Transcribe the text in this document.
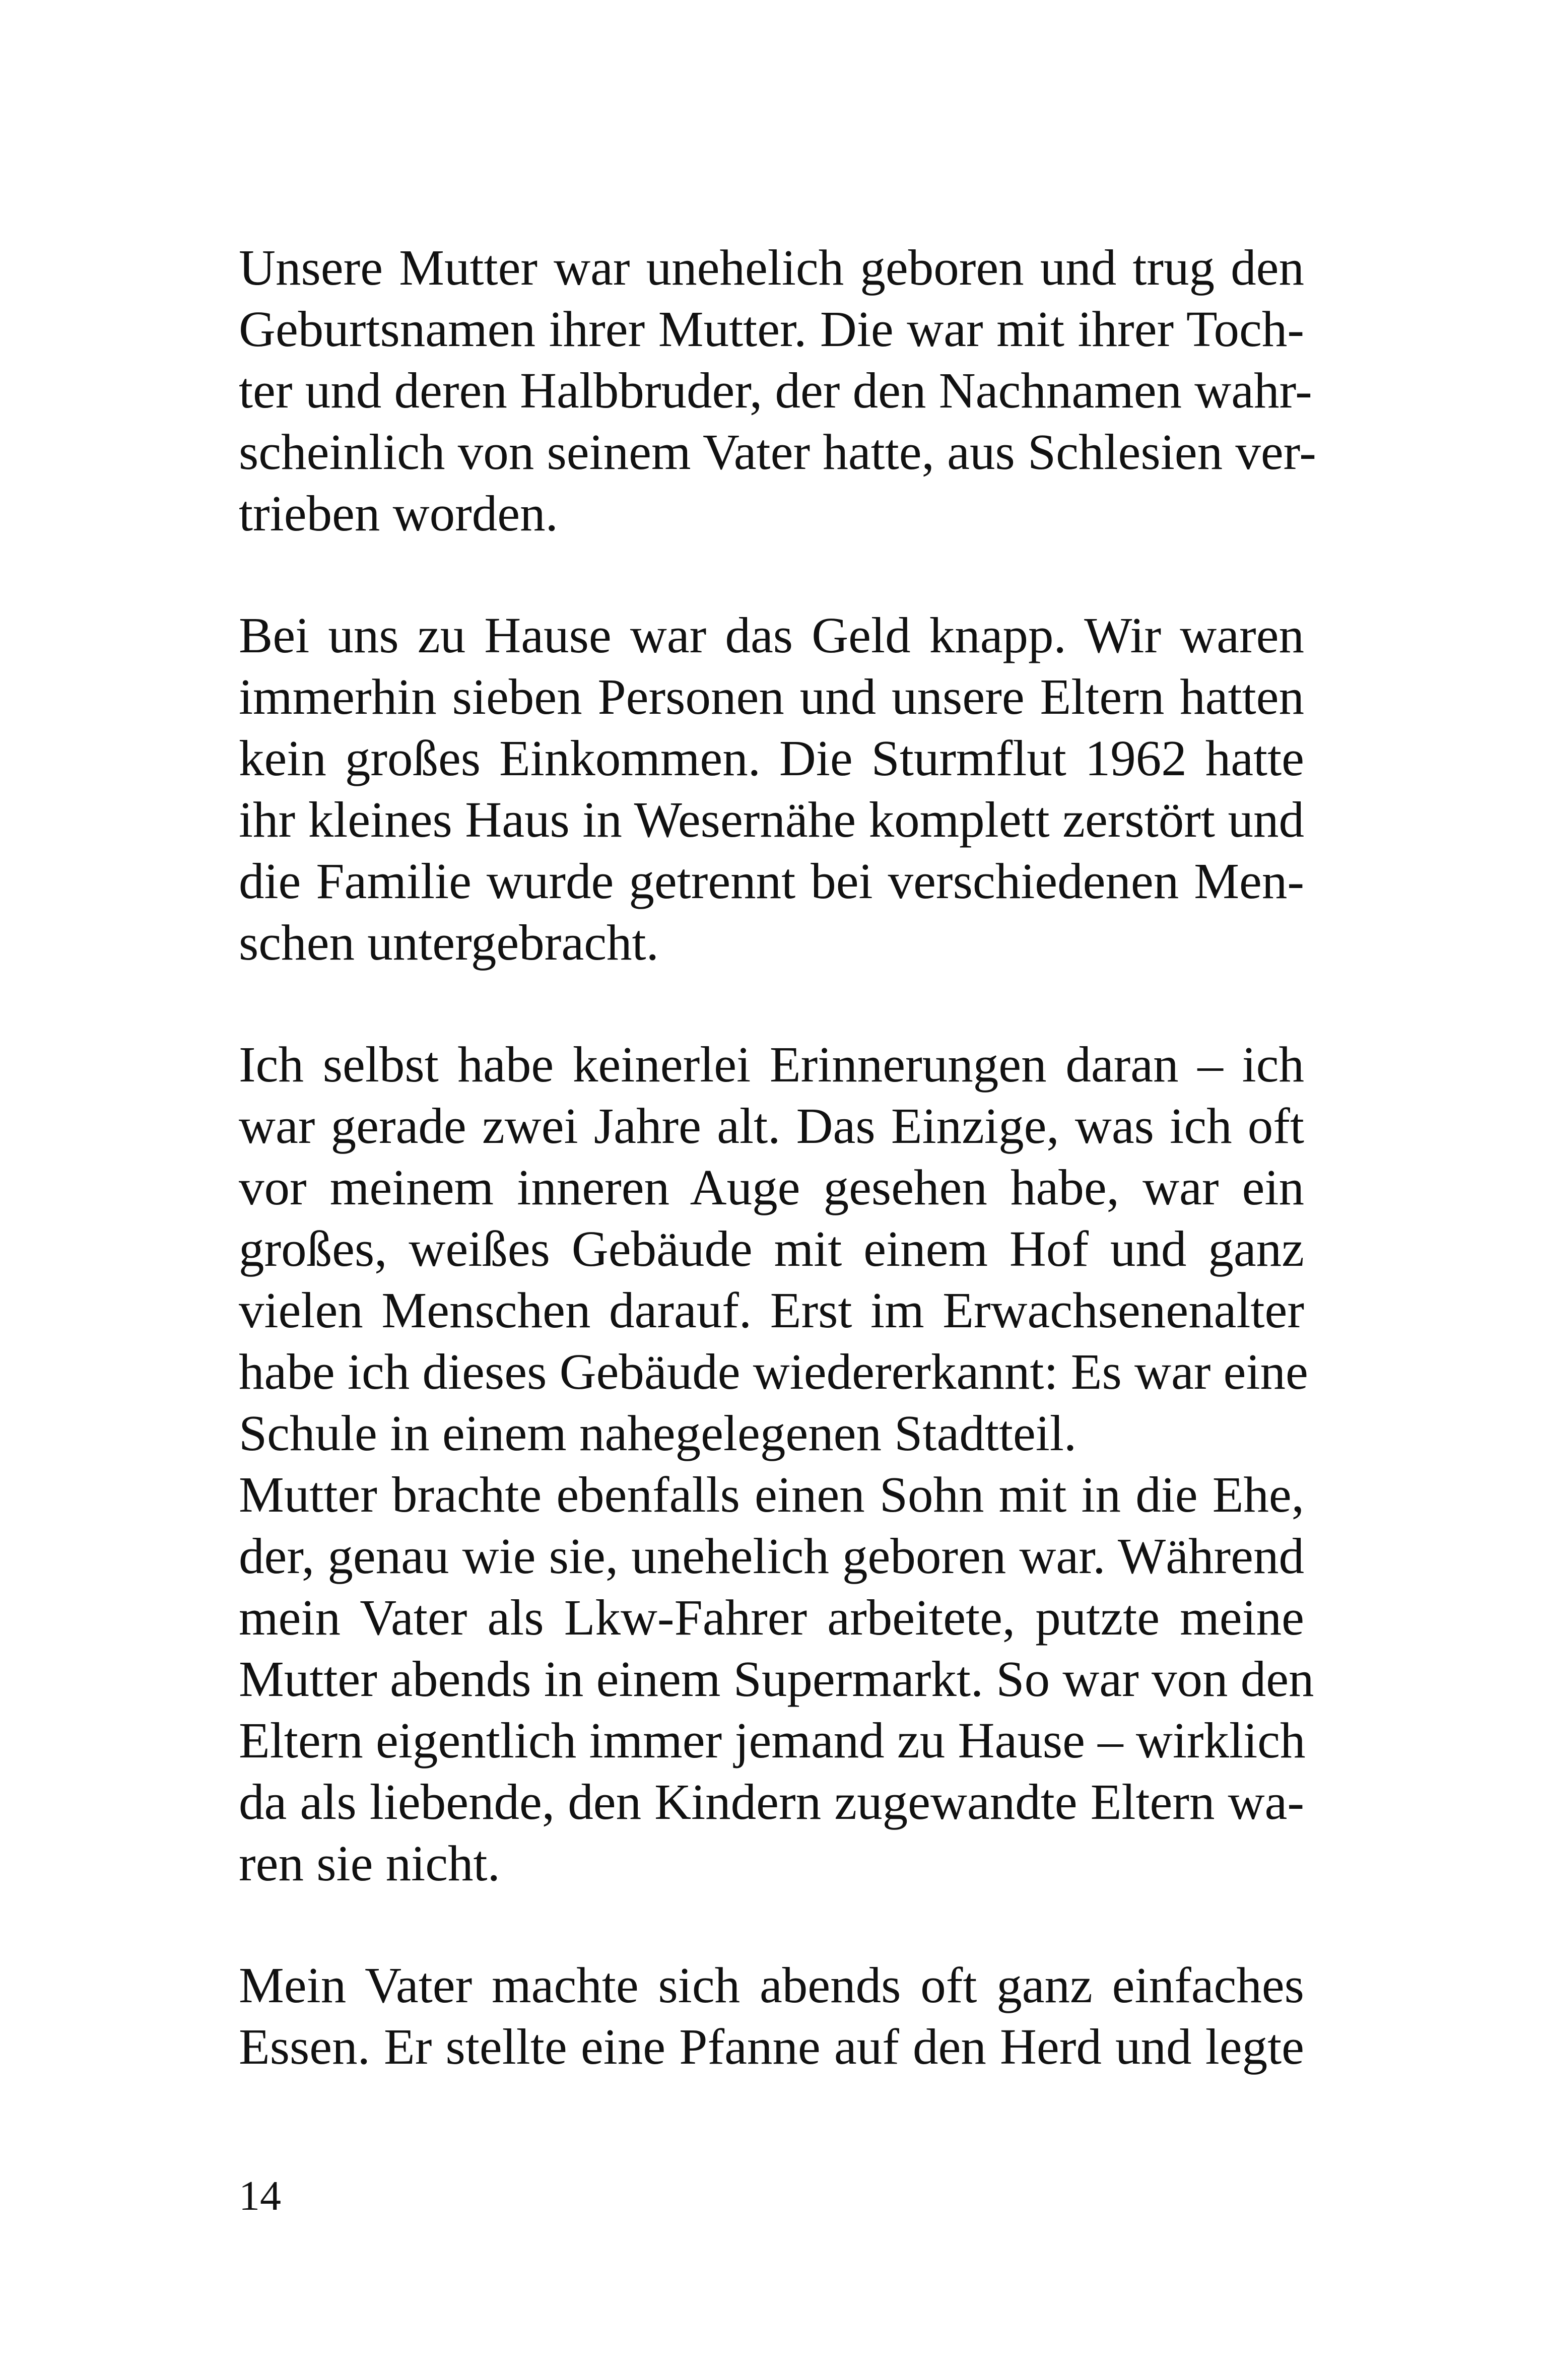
Unsere Mutter war unehelich geboren und trug den
Geburtsnamen ihrer Mutter. Die war mit ihrer Toch-
ter und deren Halbbruder, der den Nachnamen wahr-
scheinlich von seinem Vater hatte, aus Schlesien ver-
trieben worden.
Bei uns zu Hause war das Geld knapp. Wir waren
immerhin sieben Personen und unsere Eltern hatten
kein großes Einkommen. Die Sturmflut 1962 hatte
ihr kleines Haus in Wesernähe komplett zerstört und
die Familie wurde getrennt bei verschiedenen Men-
schen untergebracht.
Ich selbst habe keinerlei Erinnerungen daran – ich
war gerade zwei Jahre alt. Das Einzige, was ich oft
vor meinem inneren Auge gesehen habe, war ein
großes, weißes Gebäude mit einem Hof und ganz
vielen Menschen darauf. Erst im Erwachsenenalter
habe ich dieses Gebäude wiedererkannt: Es war eine
Schule in einem nahegelegenen Stadtteil.
Mutter brachte ebenfalls einen Sohn mit in die Ehe,
der, genau wie sie, unehelich geboren war. Während
mein Vater als Lkw-Fahrer arbeitete, putzte meine
Mutter abends in einem Supermarkt. So war von den
Eltern eigentlich immer jemand zu Hause – wirklich
da als liebende, den Kindern zugewandte Eltern wa-
ren sie nicht.
Mein Vater machte sich abends oft ganz einfaches
Essen. Er stellte eine Pfanne auf den Herd und legte
14
